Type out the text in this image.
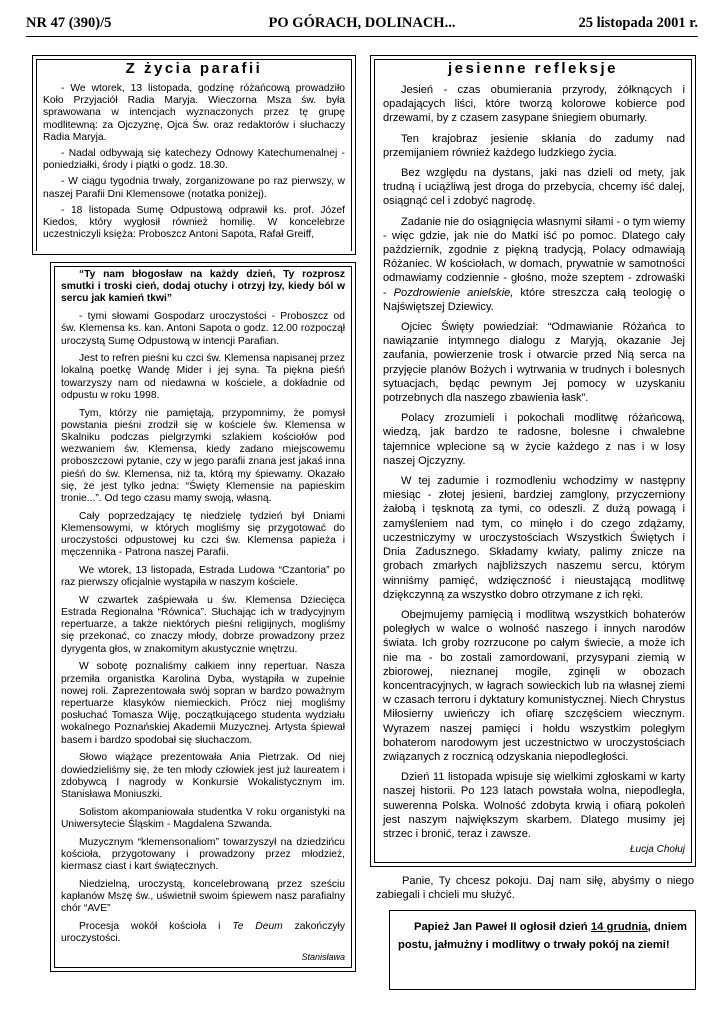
NR 47 (390)/5	PO GÓRACH, DOLINACH...	25 listopada 2001 r.
Z życia parafii

- We wtorek, 13 listopada, godzinę różańcową prowadziło Koło Przyjaciół Radia Maryja. Wieczorna Msza św. była sprawowana w intencjach wyznaczonych przez tę grupę modlitewną: za Ojczyznę, Ojca Św. oraz redaktorów i słuchaczy Radia Maryja.

- Nadal odbywają się katechezy Odnowy Katechumenalnej - poniedziałki, środy i piątki o godz. 18.30.

- W ciągu tygodnia trwały, zorganizowane po raz pierwszy, w naszej Parafii Dni Klemensowe (notatka poniżej).

- 18 listopada Sumę Odpustową odprawił ks. prof. Józef Kiedos, który wygłosił również homilię. W koncelebrze uczestniczyli księża: Proboszcz Antoni Sapota, Rafał Greiff,

“Ty nam błogosław na każdy dzień, Ty rozprosz smutki i troski cień, dodaj otuchy i otrzyj łzy, kiedy ból w sercu jak kamień tkwi”

- tymi słowami Gospodarz uroczystości - Proboszcz od św. Klemensa ks. kan. Antoni Sapota o godz. 12.00 rozpoczął uroczystą Sumę Odpustową w intencji Parafian.

Jest to refren pieśni ku czci św. Klemensa napisanej przez lokalną poetkę Wandę Mider i jej syna. Ta piękna pieśń towarzyszy nam od niedawna w kościele, a dokładnie od odpustu w roku 1998.

Tym, którzy nie pamiętają, przypomnimy, że pomysł powstania pieśni zrodził się w kościele św. Klemensa w Skalniku podczas pielgrzymki szlakiem kościołów pod wezwaniem św. Klemensa, kiedy zadano miejscowemu proboszczowi pytanie, czy w jego parafii znana jest jakaś inna pieśń do św. Klemensa, niż ta, którą my śpiewamy. Okazało się, że jest tylko jedna: “Święty Klemensie na papieskim tronie...”. Od tego czasu mamy swoją, własną.

Cały poprzedzający tę niedzielę tydzień był Dniami Klemensowymi, w których mogliśmy się przygotować do uroczystości odpustowej ku czci św. Klemensa papieża i męczennika - Patrona naszej Parafii.

We wtorek, 13 listopada, Estrada Ludowa “Czantoria” po raz pierwszy oficjalnie wystąpiła w naszym kościele.

W czwartek zaśpiewała u św. Klemensa Dziecięca Estrada Regionalna “Równica”. Słuchając ich w tradycyjnym repertuarze, a także niektórych pieśni religijnych, mogliśmy się przekonać, co znaczy młody, dobrze prowadzony przez dyrygenta głos, w znakomitym akustycznie wnętrzu.

W sobotę poznaliśmy całkiem inny repertuar. Nasza przemiła organistka Karolina Dyba, wystąpiła w zupełnie nowej roli. Zaprezentowała swój sopran w bardzo poważnym repertuarze klasyków niemieckich. Prócz niej mogliśmy posłuchać Tomasza Wiję, początkującego studenta wydziału wokalnego Poznańskiej Akademii Muzycznej. Artysta śpiewał basem i bardzo spodobał się słuchaczom.

Słowo wiążące prezentowała Ania Pietrzak. Od niej dowiedzieliśmy się, że ten młody człowiek jest już laureatem i zdobywcą I nagrody w Konkursie Wokalistycznym im. Stanisława Moniuszki.

Solistom akompaniowała studentka V roku organistyki na Uniwersytecie Śląskim - Magdalena Szwanda.

Muzycznym “klemensonaliom” towarzyszył na dziedzińcu kościoła, przygotowany i prowadzony przez młodzież, kiermasz ciast i kart świątecznych.

Niedzielną, uroczystą, koncelebrowaną przez sześciu kapłanów Mszę św., uświetnił swoim śpiewem nasz parafialny chór “AVE”

Procesja wokół kościoła i Te Deum zakończyły uroczystości.

Stanisława

jesienne refleksje

Jesień - czas obumierania przyrody, żółknących i opadających liści, które tworzą kolorowe kobierce pod drzewami, by z czasem zasypane śniegiem obumarły.

Ten krajobraz jesienie skłania do zadumy nad przemijaniem również każdego ludzkiego życia.

Bez względu na dystans, jaki nas dzieli od mety, jak trudną i uciążliwą jest droga do przebycia, chcemy iść dalej, osiągnąć cel i zdobyć nagrodę.

Zadanie nie do osiągnięcia własnymi siłami - o tym wiemy - więc gdzie, jak nie do Matki iść po pomoc. Dlatego cały październik, zgodnie z piękną tradycją, Polacy odmawiają Różaniec. W kościołach, w domach, prywatnie w samotności odmawiamy codziennie - głośno, może szeptem - zdrowaśki - Pozdrowienie anielskie, które streszcza całą teologię o Najświętszej Dziewicy.

Ojciec Święty powiedział: “Odmawianie Różańca to nawiązanie intymnego dialogu z Maryją, okazanie Jej zaufania, powierzenie trosk i otwarcie przed Nią serca na przyjęcie planów Bożych i wytrwania w trudnych i bolesnych sytuacjach, będąc pewnym Jej pomocy w uzyskaniu potrzebnych dla naszego zbawienia łask”.

Polacy zrozumieli i pokochali modlitwę różańcową, wiedzą, jak bardzo te radosne, bolesne i chwalebne tajemnice wplecione są w życie każdego z nas i w losy naszej Ojczyzny.

W tej zadumie i rozmodleniu wchodzimy w następny miesiąc - złotej jesieni, bardziej zamglony, przyczerniony żałobą i tęsknotą za tymi, co odeszli. Z dużą powagą i zamyśleniem nad tym, co minęło i do czego zdążamy, uczestniczymy w uroczystościach Wszystkich Świętych i Dnia Zadusznego. Składamy kwiaty, palimy znicze na grobach zmarłych najbliższych naszemu sercu, którym winniśmy pamięć, wdzięczność i nieustającą modlitwę dziękczynną za wszystko dobro otrzymane z ich ręki.

Obejmujemy pamięcią i modlitwą wszystkich bohaterów poległych w walce o wolność naszego i innych narodów świata. Ich groby rozrzucone po całym świecie, a może ich nie ma - bo zostali zamordowani, przysypani ziemią w zbiorowej, nieznanej mogile, zginęli w obozach koncentracyjnych, w łagrach sowieckich lub na własnej ziemi w czasach terroru i dyktatury komunistycznej. Niech Chrystus Miłosierny uwieńczy ich ofiarę szczęściem wiecznym. Wyrazem naszej pamięci i hołdu wszystkim poległym bohaterom narodowym jest uczestnictwo w uroczystościach związanych z rocznicą odzyskania niepodległości.

Dzień 11 listopada wpisuje się wielkimi zgłoskami w karty naszej historii. Po 123 latach powstała wolna, niepodległa, suwerenna Polska. Wolność zdobyta krwią i ofiarą pokoleń jest naszym największym skarbem. Dlatego musimy jej strzec i bronić, teraz i zawsze.

Łucja Chołuj

Panie, Ty chcesz pokoju. Daj nam siłę, abyśmy o niego zabiegali i chcieli mu służyć.

Papież Jan Paweł II ogłosił dzień 14 grudnia, dniem postu, jałmużny i modlitwy o trwały pokój na ziemi!
